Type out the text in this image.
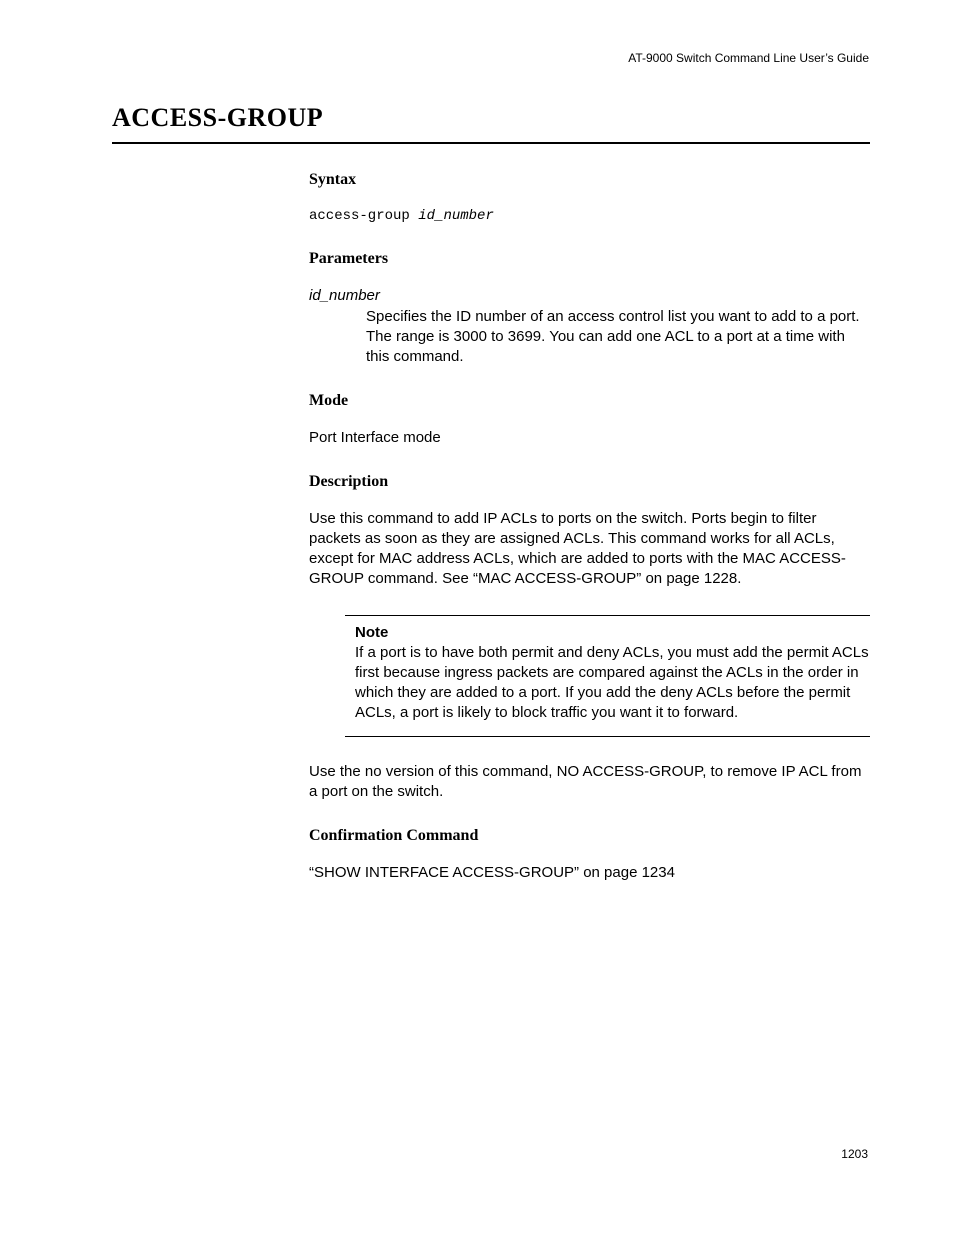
AT-9000 Switch Command Line User’s Guide
ACCESS-GROUP
Syntax
access-group id_number
Parameters
id_number
Specifies the ID number of an access control list you want to add to a port. The range is 3000 to 3699. You can add one ACL to a port at a time with this command.
Mode
Port Interface mode
Description
Use this command to add IP ACLs to ports on the switch. Ports begin to filter packets as soon as they are assigned ACLs. This command works for all ACLs, except for MAC address ACLs, which are added to ports with the MAC ACCESS-GROUP command. See “MAC ACCESS-GROUP” on page 1228.
Note
If a port is to have both permit and deny ACLs, you must add the permit ACLs first because ingress packets are compared against the ACLs in the order in which they are added to a port. If you add the deny ACLs before the permit ACLs, a port is likely to block traffic you want it to forward.
Use the no version of this command, NO ACCESS-GROUP, to remove IP ACL from a port on the switch.
Confirmation Command
“SHOW INTERFACE ACCESS-GROUP” on page 1234
1203
